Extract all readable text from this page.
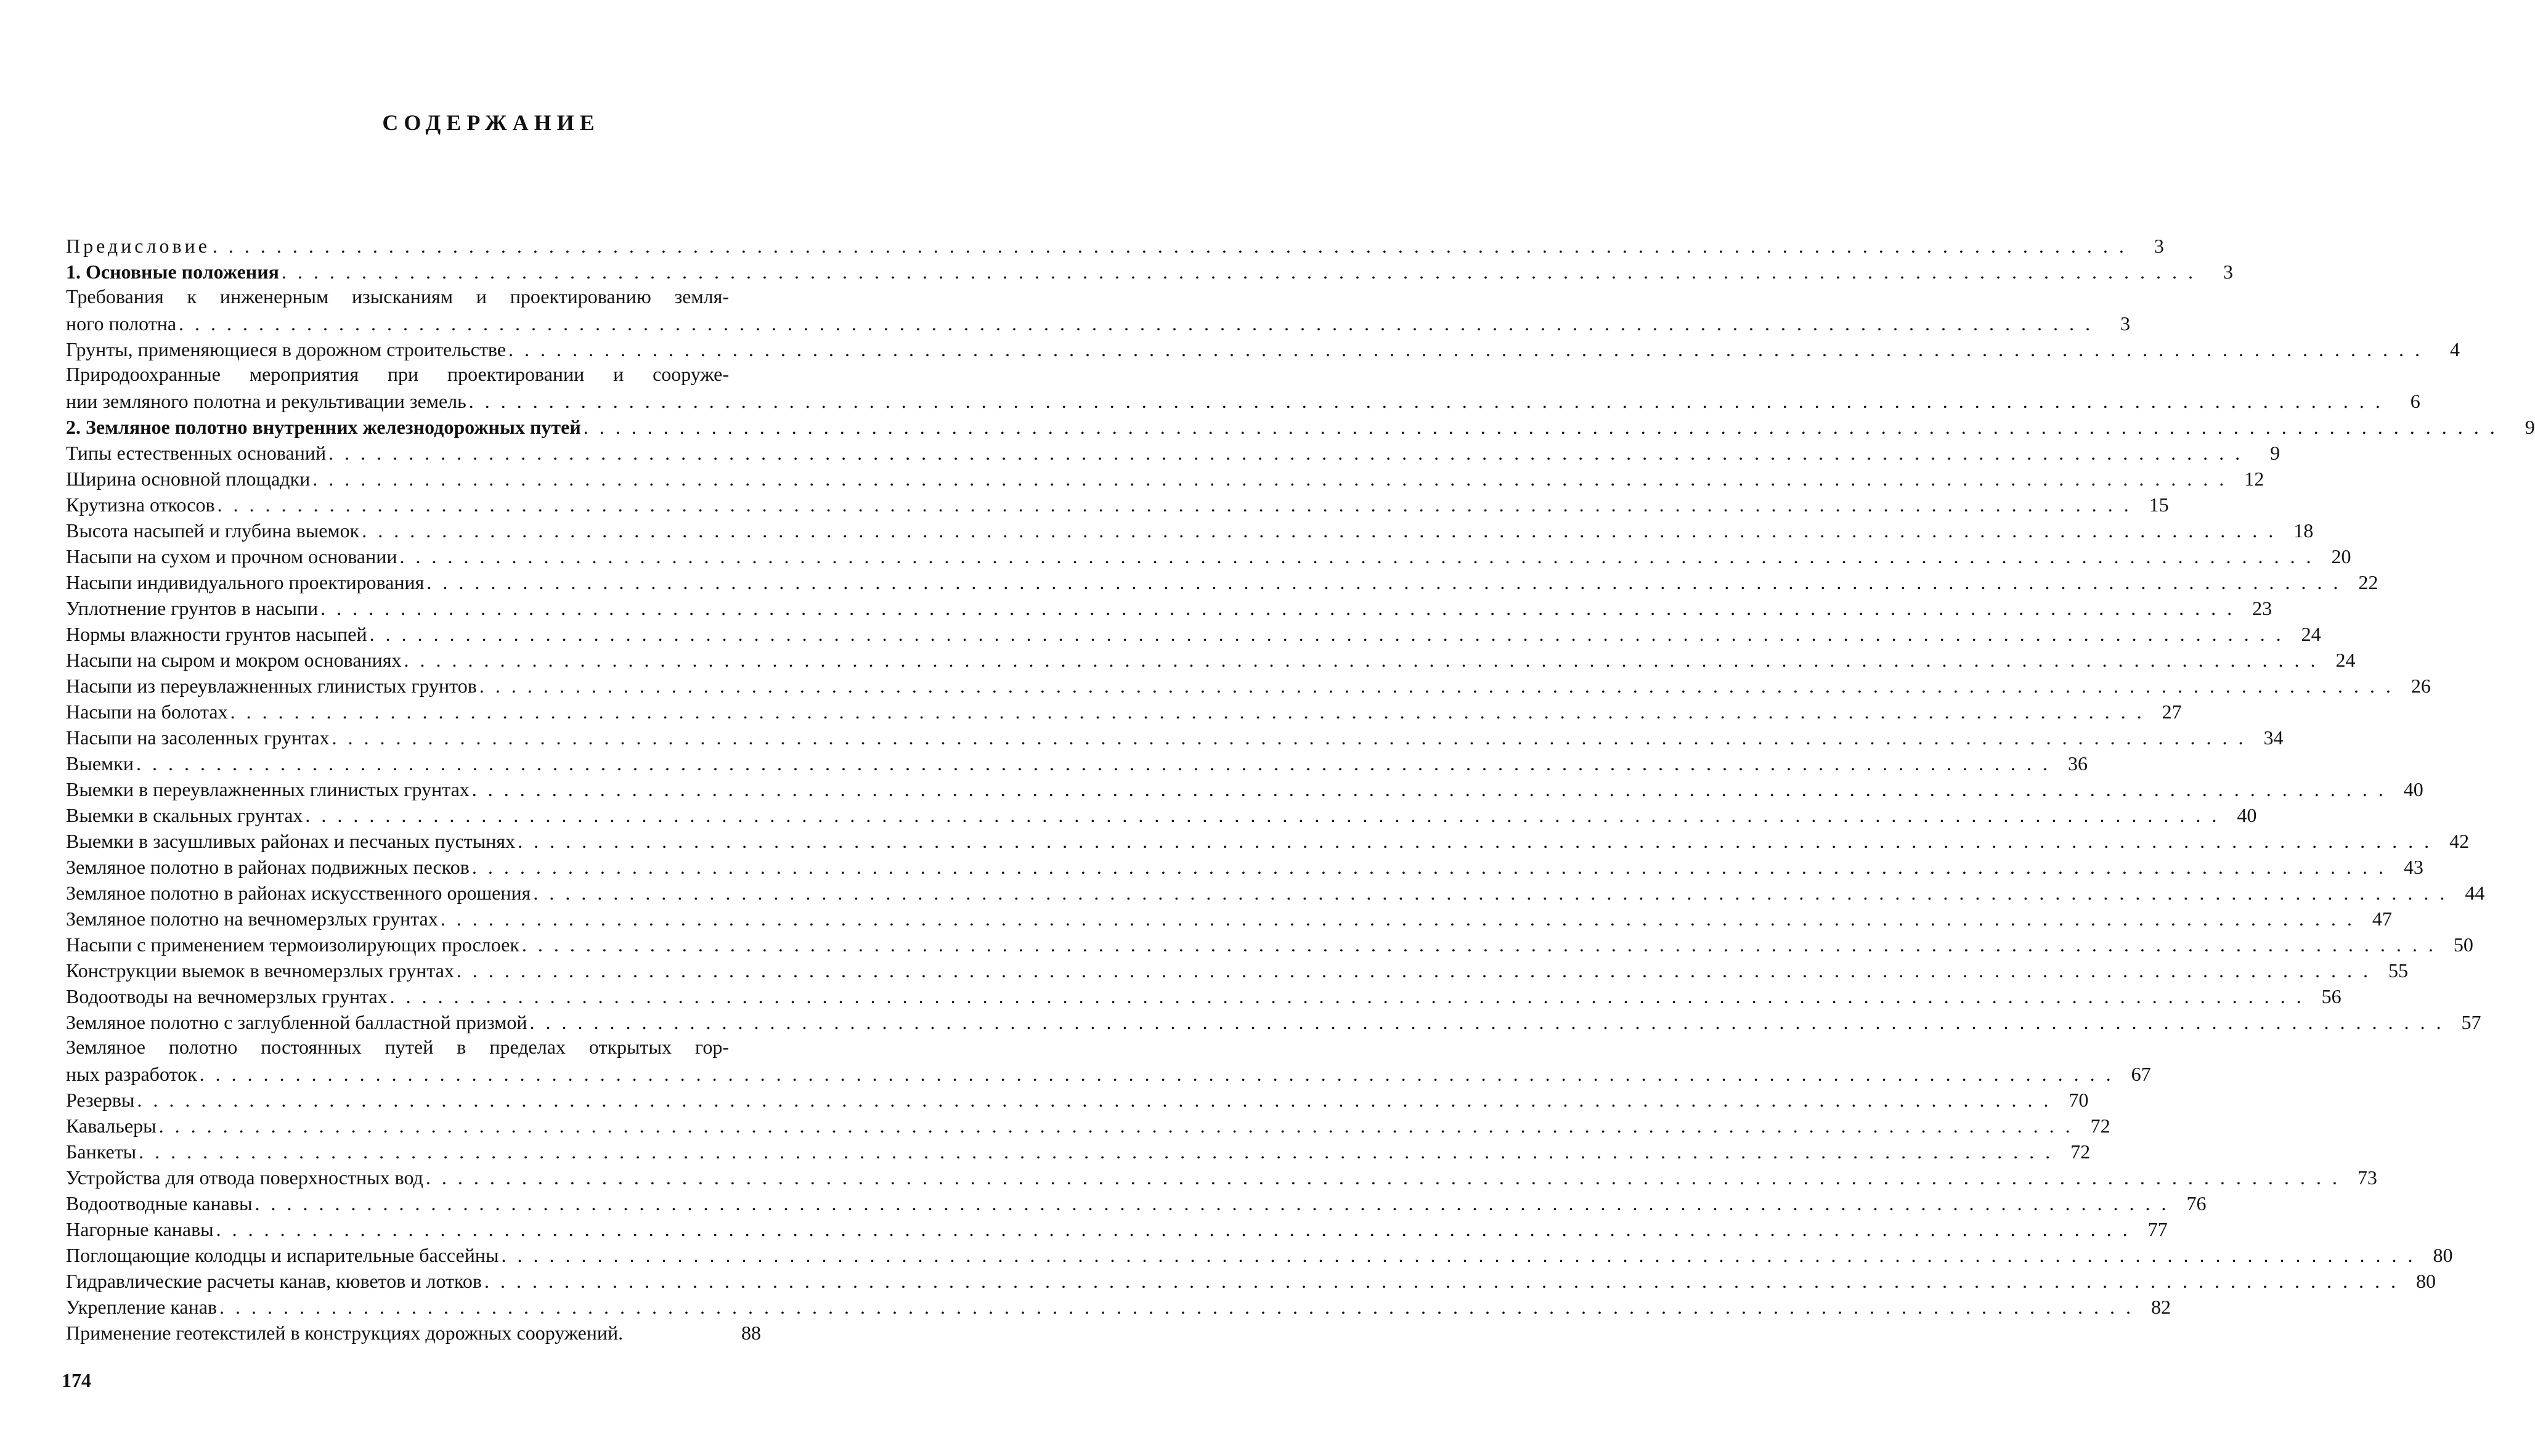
СОДЕРЖАНИЕ
Предисловие . . . . . . . . . . . . . . . . . . . . . . . . . . . . . . . . . . . . . . . . . . . . . . . . . . . . . . . . . . . . . . . . . . . . . . . . . . . . . . . . . . . . . . . . . . . . . . . . . . . . . . . . . . . . . . . . . . . . . . . .	3
1. Основные положения . . . . . . . . . . . . . . . . . . . . . . . . . . . . . . . . . . . . . . . . . . . . . . . . . . . . . . . . . . . . . . . . . . . . . . . . . . . . . . . . . . . . . . . . . . . . . . . . . . . . . . . . . . . . . . . . . . . . . . . .	3
Требования к инженерным изысканиям и проектированию земля-
ного полотна . . . . . . . . . . . . . . . . . . . . . . . . . . . . . . . . . . . . . . . . . . . . . . . . . . . . . . . . . . . . . . . . . . . . . . . . . . . . . . . . . . . . . . . . . . . . . . . . . . . . . . . . . . . . . . . . . . . . . . . .	3
Грунты, применяющиеся в дорожном строительстве . . . . . . . . . . . . . . . . . . . . . . . . . . . . . . . . . . . . . . . . . . . . . . . . . . . . . . . . . . . . . . . . . . . . . . . . . . . . . . . . . . . . . . . . . . . . . . . . . . . . . . . . . . . . . . . . . . . . . . . .	4
Природоохранные мероприятия при проектировании и сооруже-
нии земляного полотна и рекультивации земель . . . . . . . . . . . . . . . . . . . . . . . . . . . . . . . . . . . . . . . . . . . . . . . . . . . . . . . . . . . . . . . . . . . . . . . . . . . . . . . . . . . . . . . . . . . . . . . . . . . . . . . . . . . . . . . . . . . . . . . .	6
2. Земляное полотно внутренних железнодорожных путей . . . . . . . . . . . . . . . . . . . . . . . . . . . . . . . . . . . . . . . . . . . . . . . . . . . . . . . . . . . . . . . . . . . . . . . . . . . . . . . . . . . . . . . . . . . . . . . . . . . . . . . . . . . . . . . . . . . . . . . .	9
Типы естественных оснований . . . . . . . . . . . . . . . . . . . . . . . . . . . . . . . . . . . . . . . . . . . . . . . . . . . . . . . . . . . . . . . . . . . . . . . . . . . . . . . . . . . . . . . . . . . . . . . . . . . . . . . . . . . . . . . . . . . . . . . .	9
Ширина основной площадки . . . . . . . . . . . . . . . . . . . . . . . . . . . . . . . . . . . . . . . . . . . . . . . . . . . . . . . . . . . . . . . . . . . . . . . . . . . . . . . . . . . . . . . . . . . . . . . . . . . . . . . . . . . . . . . . . . . . . . . . 12
Крутизна откосов . . . . . . . . . . . . . . . . . . . . . . . . . . . . . . . . . . . . . . . . . . . . . . . . . . . . . . . . . . . . . . . . . . . . . . . . . . . . . . . . . . . . . . . . . . . . . . . . . . . . . . . . . . . . . . . . . . . . . . . . 15
Высота насыпей и глубина выемок . . . . . . . . . . . . . . . . . . . . . . . . . . . . . . . . . . . . . . . . . . . . . . . . . . . . . . . . . . . . . . . . . . . . . . . . . . . . . . . . . . . . . . . . . . . . . . . . . . . . . . . . . . . . . . . . . . . . . . . . 18
Насыпи на сухом и прочном основании . . . . . . . . . . . . . . . . . . . . . . . . . . . . . . . . . . . . . . . . . . . . . . . . . . . . . . . . . . . . . . . . . . . . . . . . . . . . . . . . . . . . . . . . . . . . . . . . . . . . . . . . . . . . . . . . . . . . . . . . 20
Насыпи индивидуального проектирования . . . . . . . . . . . . . . . . . . . . . . . . . . . . . . . . . . . . . . . . . . . . . . . . . . . . . . . . . . . . . . . . . . . . . . . . . . . . . . . . . . . . . . . . . . . . . . . . . . . . . . . . . . . . . . . . . . . . . . . . 22
Уплотнение грунтов в насыпи . . . . . . . . . . . . . . . . . . . . . . . . . . . . . . . . . . . . . . . . . . . . . . . . . . . . . . . . . . . . . . . . . . . . . . . . . . . . . . . . . . . . . . . . . . . . . . . . . . . . . . . . . . . . . . . . . . . . . . . . 23
Нормы влажности грунтов насыпей . . . . . . . . . . . . . . . . . . . . . . . . . . . . . . . . . . . . . . . . . . . . . . . . . . . . . . . . . . . . . . . . . . . . . . . . . . . . . . . . . . . . . . . . . . . . . . . . . . . . . . . . . . . . . . . . . . . . . . . . 24
Насыпи на сыром и мокром основаниях . . . . . . . . . . . . . . . . . . . . . . . . . . . . . . . . . . . . . . . . . . . . . . . . . . . . . . . . . . . . . . . . . . . . . . . . . . . . . . . . . . . . . . . . . . . . . . . . . . . . . . . . . . . . . . . . . . . . . . . . 24
Насыпи из переувлажненных глинистых грунтов . . . . . . . . . . . . . . . . . . . . . . . . . . . . . . . . . . . . . . . . . . . . . . . . . . . . . . . . . . . . . . . . . . . . . . . . . . . . . . . . . . . . . . . . . . . . . . . . . . . . . . . . . . . . . . . . . . . . . . . . 26
Насыпи на болотах . . . . . . . . . . . . . . . . . . . . . . . . . . . . . . . . . . . . . . . . . . . . . . . . . . . . . . . . . . . . . . . . . . . . . . . . . . . . . . . . . . . . . . . . . . . . . . . . . . . . . . . . . . . . . . . . . . . . . . . . 27
Насыпи на засоленных грунтах . . . . . . . . . . . . . . . . . . . . . . . . . . . . . . . . . . . . . . . . . . . . . . . . . . . . . . . . . . . . . . . . . . . . . . . . . . . . . . . . . . . . . . . . . . . . . . . . . . . . . . . . . . . . . . . . . . . . . . . . 34
Выемки . . . . . . . . . . . . . . . . . . . . . . . . . . . . . . . . . . . . . . . . . . . . . . . . . . . . . . . . . . . . . . . . . . . . . . . . . . . . . . . . . . . . . . . . . . . . . . . . . . . . . . . . . . . . . . . . . . . . . . . . 36
Выемки в переувлажненных глинистых грунтах . . . . . . . . . . . . . . . . . . . . . . . . . . . . . . . . . . . . . . . . . . . . . . . . . . . . . . . . . . . . . . . . . . . . . . . . . . . . . . . . . . . . . . . . . . . . . . . . . . . . . . . . . . . . . . . . . . . . . . . . 40
Выемки в скальных грунтах . . . . . . . . . . . . . . . . . . . . . . . . . . . . . . . . . . . . . . . . . . . . . . . . . . . . . . . . . . . . . . . . . . . . . . . . . . . . . . . . . . . . . . . . . . . . . . . . . . . . . . . . . . . . . . . . . . . . . . . . 40
Выемки в засушливых районах и песчаных пустынях . . . . . . . . . . . . . . . . . . . . . . . . . . . . . . . . . . . . . . . . . . . . . . . . . . . . . . . . . . . . . . . . . . . . . . . . . . . . . . . . . . . . . . . . . . . . . . . . . . . . . . . . . . . . . . . . . . . . . . . . 42
Земляное полотно в районах подвижных песков . . . . . . . . . . . . . . . . . . . . . . . . . . . . . . . . . . . . . . . . . . . . . . . . . . . . . . . . . . . . . . . . . . . . . . . . . . . . . . . . . . . . . . . . . . . . . . . . . . . . . . . . . . . . . . . . . . . . . . . . 43
Земляное полотно в районах искусственного орошения . . . . . . . . . . . . . . . . . . . . . . . . . . . . . . . . . . . . . . . . . . . . . . . . . . . . . . . . . . . . . . . . . . . . . . . . . . . . . . . . . . . . . . . . . . . . . . . . . . . . . . . . . . . . . . . . . . . . . . . . 44
Земляное полотно на вечномерзлых грунтах . . . . . . . . . . . . . . . . . . . . . . . . . . . . . . . . . . . . . . . . . . . . . . . . . . . . . . . . . . . . . . . . . . . . . . . . . . . . . . . . . . . . . . . . . . . . . . . . . . . . . . . . . . . . . . . . . . . . . . . . 47
Насыпи с применением термоизолирующих прослоек . . . . . . . . . . . . . . . . . . . . . . . . . . . . . . . . . . . . . . . . . . . . . . . . . . . . . . . . . . . . . . . . . . . . . . . . . . . . . . . . . . . . . . . . . . . . . . . . . . . . . . . . . . . . . . . . . . . . . . . . 50
Конструкции выемок в вечномерзлых грунтах . . . . . . . . . . . . . . . . . . . . . . . . . . . . . . . . . . . . . . . . . . . . . . . . . . . . . . . . . . . . . . . . . . . . . . . . . . . . . . . . . . . . . . . . . . . . . . . . . . . . . . . . . . . . . . . . . . . . . . . . 55
Водоотводы на вечномерзлых грунтах . . . . . . . . . . . . . . . . . . . . . . . . . . . . . . . . . . . . . . . . . . . . . . . . . . . . . . . . . . . . . . . . . . . . . . . . . . . . . . . . . . . . . . . . . . . . . . . . . . . . . . . . . . . . . . . . . . . . . . . . 56
Земляное полотно с заглубленной балластной призмой . . . . . . . . . . . . . . . . . . . . . . . . . . . . . . . . . . . . . . . . . . . . . . . . . . . . . . . . . . . . . . . . . . . . . . . . . . . . . . . . . . . . . . . . . . . . . . . . . . . . . . . . . . . . . . . . . . . . . . . . 57
Земляное полотно постоянных путей в пределах открытых гор-
ных разработок . . . . . . . . . . . . . . . . . . . . . . . . . . . . . . . . . . . . . . . . . . . . . . . . . . . . . . . . . . . . . . . . . . . . . . . . . . . . . . . . . . . . . . . . . . . . . . . . . . . . . . . . . . . . . . . . . . . . . . . . 67
Резервы . . . . . . . . . . . . . . . . . . . . . . . . . . . . . . . . . . . . . . . . . . . . . . . . . . . . . . . . . . . . . . . . . . . . . . . . . . . . . . . . . . . . . . . . . . . . . . . . . . . . . . . . . . . . . . . . . . . . . . . . 70
Кавальеры . . . . . . . . . . . . . . . . . . . . . . . . . . . . . . . . . . . . . . . . . . . . . . . . . . . . . . . . . . . . . . . . . . . . . . . . . . . . . . . . . . . . . . . . . . . . . . . . . . . . . . . . . . . . . . . . . . . . . . . . 72
Банкеты . . . . . . . . . . . . . . . . . . . . . . . . . . . . . . . . . . . . . . . . . . . . . . . . . . . . . . . . . . . . . . . . . . . . . . . . . . . . . . . . . . . . . . . . . . . . . . . . . . . . . . . . . . . . . . . . . . . . . . . . 72
Устройства для отвода поверхностных вод . . . . . . . . . . . . . . . . . . . . . . . . . . . . . . . . . . . . . . . . . . . . . . . . . . . . . . . . . . . . . . . . . . . . . . . . . . . . . . . . . . . . . . . . . . . . . . . . . . . . . . . . . . . . . . . . . . . . . . . . 73
Водоотводные канавы . . . . . . . . . . . . . . . . . . . . . . . . . . . . . . . . . . . . . . . . . . . . . . . . . . . . . . . . . . . . . . . . . . . . . . . . . . . . . . . . . . . . . . . . . . . . . . . . . . . . . . . . . . . . . . . . . . . . . . . . 76
Нагорные канавы . . . . . . . . . . . . . . . . . . . . . . . . . . . . . . . . . . . . . . . . . . . . . . . . . . . . . . . . . . . . . . . . . . . . . . . . . . . . . . . . . . . . . . . . . . . . . . . . . . . . . . . . . . . . . . . . . . . . . . . . 77
Поглощающие колодцы и испарительные бассейны . . . . . . . . . . . . . . . . . . . . . . . . . . . . . . . . . . . . . . . . . . . . . . . . . . . . . . . . . . . . . . . . . . . . . . . . . . . . . . . . . . . . . . . . . . . . . . . . . . . . . . . . . . . . . . . . . . . . . . . . 80
Гидравлические расчеты канав, кюветов и лотков . . . . . . . . . . . . . . . . . . . . . . . . . . . . . . . . . . . . . . . . . . . . . . . . . . . . . . . . . . . . . . . . . . . . . . . . . . . . . . . . . . . . . . . . . . . . . . . . . . . . . . . . . . . . . . . . . . . . . . . . 80
Укрепление канав . . . . . . . . . . . . . . . . . . . . . . . . . . . . . . . . . . . . . . . . . . . . . . . . . . . . . . . . . . . . . . . . . . . . . . . . . . . . . . . . . . . . . . . . . . . . . . . . . . . . . . . . . . . . . . . . . . . . . . . . 82
Применение геотекстилей в конструкциях дорожных сооружений .	88
174
